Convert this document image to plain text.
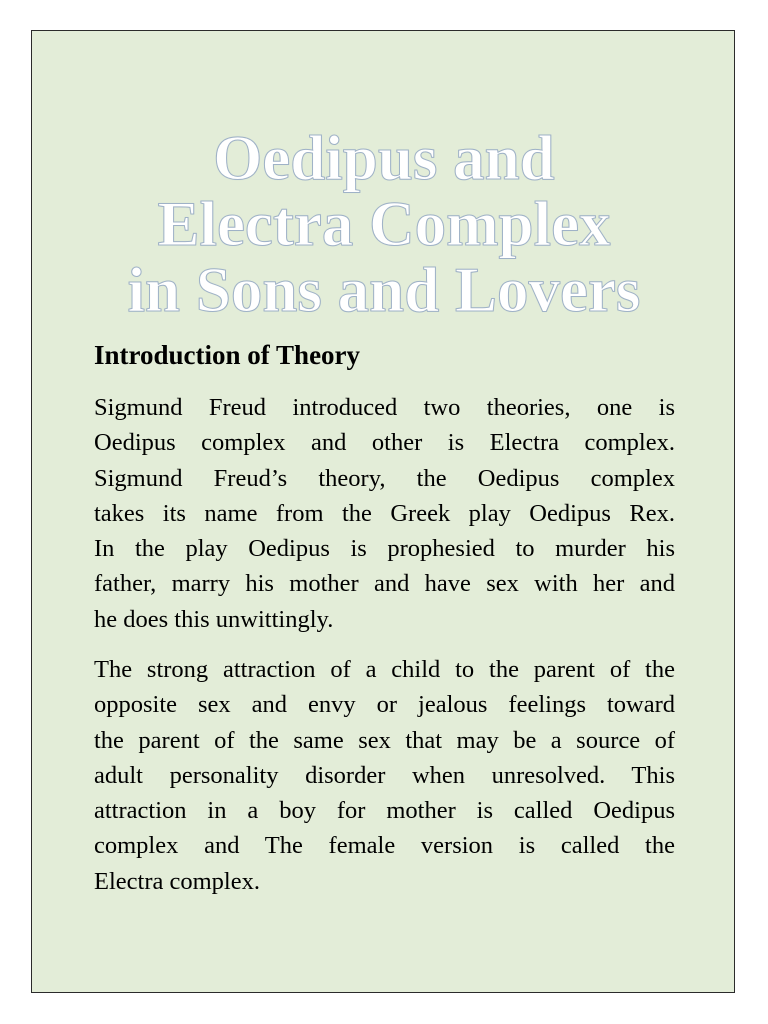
Oedipus and
Electra Complex
in Sons and Lovers
Introduction of Theory

Sigmund Freud introduced two theories, one is
Oedipus complex and other is Electra complex.
Sigmund Freud’s theory, the Oedipus complex
takes its name from the Greek play Oedipus Rex.
In the play Oedipus is prophesied to murder his
father, marry his mother and have sex with her and
he does this unwittingly.

The strong attraction of a child to the parent of the
opposite sex and envy or jealous feelings toward
the parent of the same sex that may be a source of
adult personality disorder when unresolved. This
attraction in a boy for mother is called Oedipus
complex and The female version is called the
Electra complex.
